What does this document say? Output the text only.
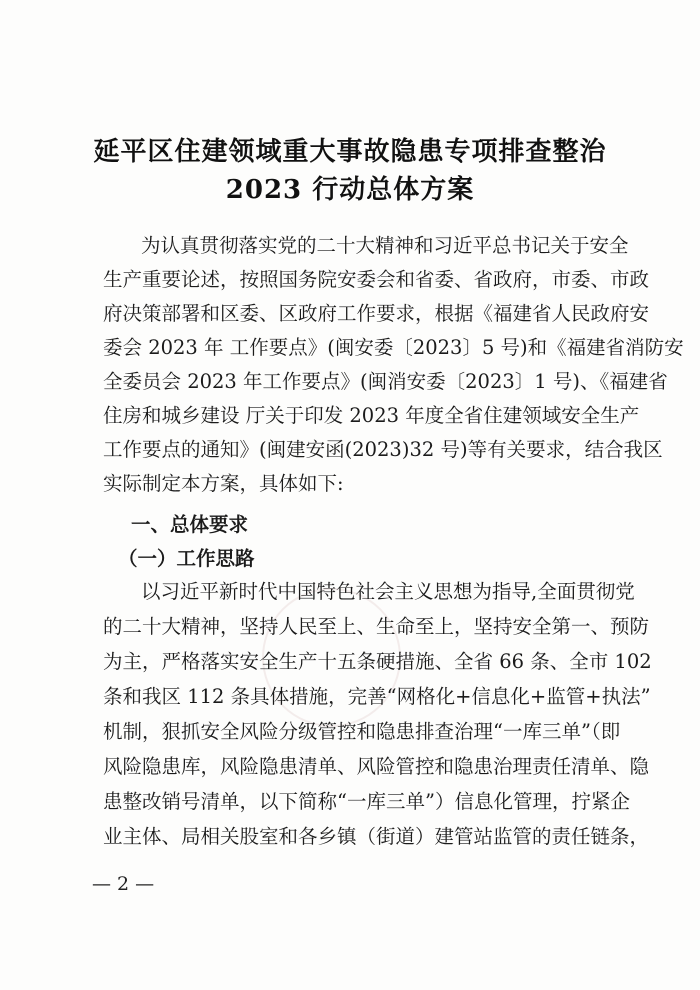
延平区住建领域重大事故隐患专项排查整治
2023 行动总体方案
为认真贯彻落实党的二十大精神和习近平总书记关于安全
生产重要论述，按照国务院安委会和省委、省政府，市委、市政
府决策部署和区委、区政府工作要求，根据《福建省人民政府安
委会 2023 年 工作要点》(闽安委〔2023〕5 号)和《福建省消防安
全委员会 2023 年工作要点》(闽消安委〔2023〕1 号)、《福建省
住房和城乡建设 厅关于印发 2023 年度全省住建领域安全生产
工作要点的通知》(闽建安函(2023)32 号)等有关要求，结合我区
实际制定本方案，具体如下:
一、总体要求
（一）工作思路
以习近平新时代中国特色社会主义思想为指导,全面贯彻党
的二十大精神，坚持人民至上、生命至上，坚持安全第一、预防
为主，严格落实安全生产十五条硬措施、全省 66 条、全市 102
条和我区 112 条具体措施，完善“网格化+信息化+监管+执法”
机制，狠抓安全风险分级管控和隐患排查治理“一库三单”（即
风险隐患库，风险隐患清单、风险管控和隐患治理责任清单、隐
患整改销号清单，以下简称“一库三单”）信息化管理，拧紧企
业主体、局相关股室和各乡镇（街道）建管站监管的责任链条，
— 2 —
